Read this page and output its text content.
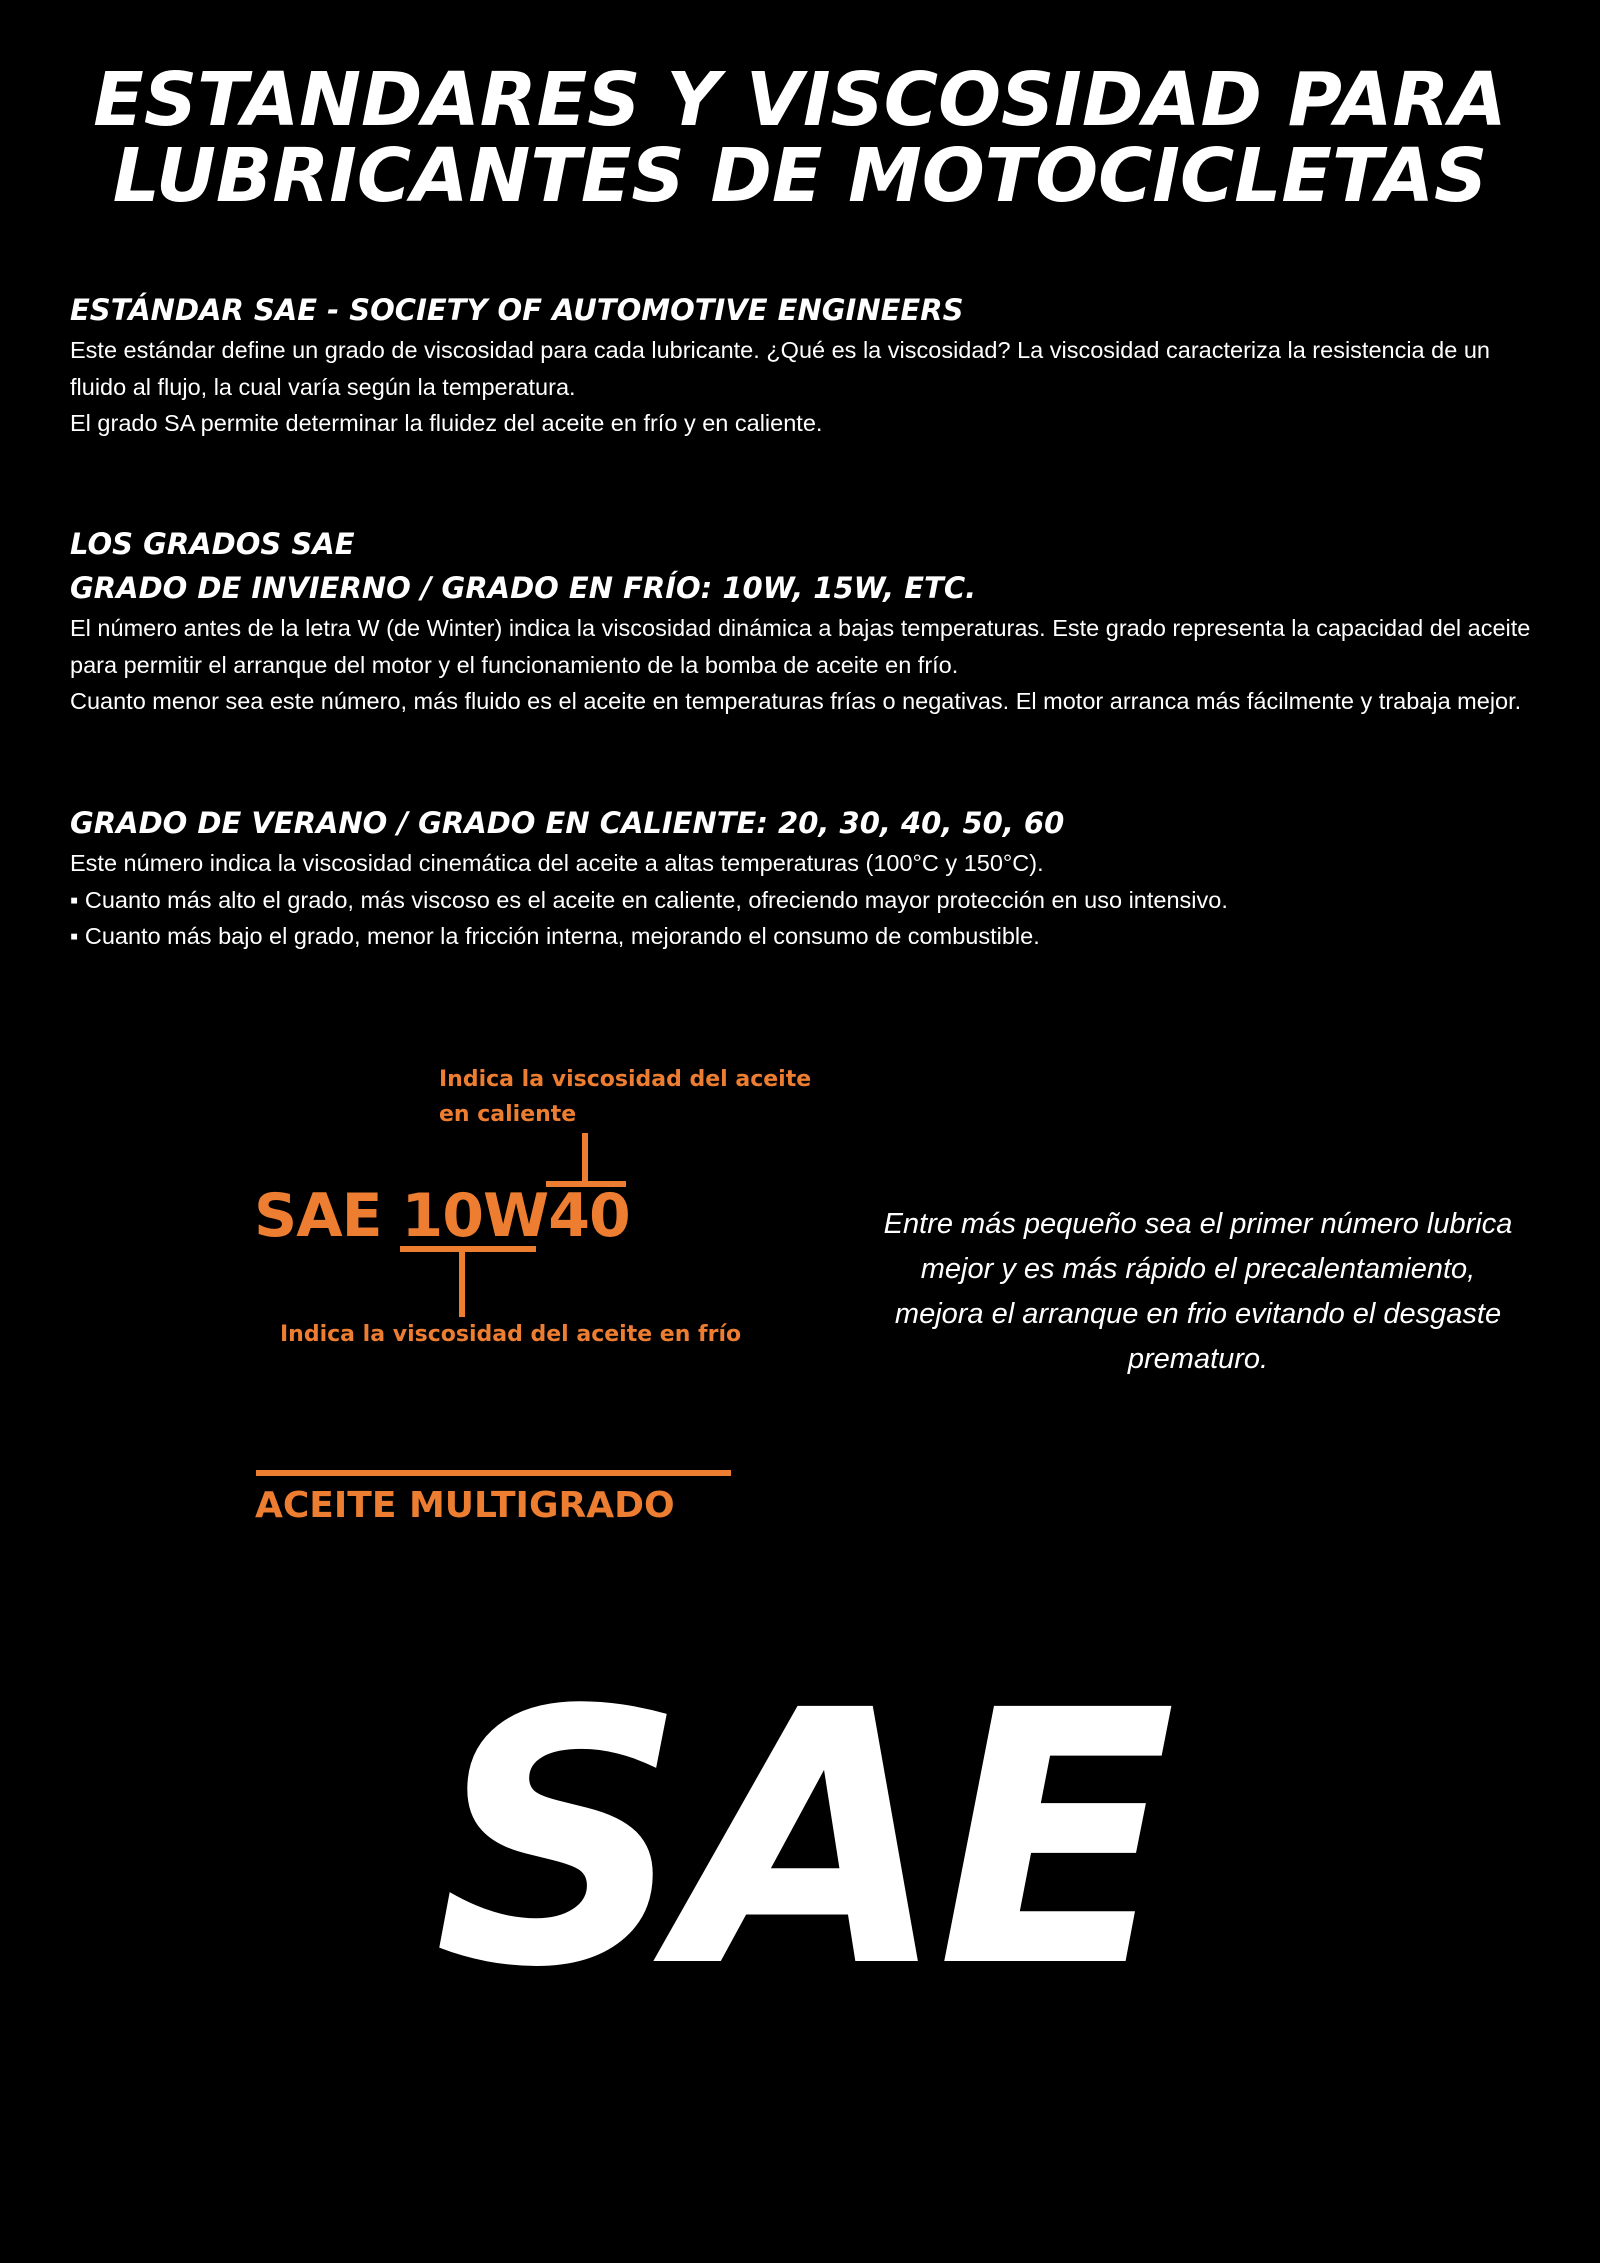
ESTANDARES Y VISCOSIDAD PARA
LUBRICANTES DE MOTOCICLETAS
ESTÁNDAR SAE - SOCIETY OF AUTOMOTIVE ENGINEERS

Este estándar define un grado de viscosidad para cada lubricante. ¿Qué es la viscosidad? La viscosidad caracteriza la resistencia de un

fluido al flujo, la cual varía según la temperatura.

El grado SA permite determinar la fluidez del aceite en frío y en caliente.

LOS GRADOS SAE
GRADO DE INVIERNO / GRADO EN FRÍO: 10W, 15W, ETC.

El número antes de la letra W (de Winter) indica la viscosidad dinámica a bajas temperaturas. Este grado representa la capacidad del aceite para permitir el arranque del motor y el funcionamiento de la bomba de aceite en frío.

Cuanto menor sea este número, más fluido es el aceite en temperaturas frías o negativas. El motor arranca más fácilmente y trabaja mejor.

GRADO DE VERANO / GRADO EN CALIENTE: 20, 30, 40, 50, 60

Este número indica la viscosidad cinemática del aceite a altas temperaturas (100°C y 150°C).

▪ Cuanto más alto el grado, más viscoso es el aceite en caliente, ofreciendo mayor protección en uso intensivo.

▪ Cuanto más bajo el grado, menor la fricción interna, mejorando el consumo de combustible.

Indica la viscosidad del aceite
en caliente
SAE 10W40
Indica la viscosidad del aceite en frío
ACEITE MULTIGRADO

Entre más pequeño sea el primer número lubrica mejor y es más rápido el precalentamiento, mejora el arranque en frio evitando el desgaste prematuro.

SAE
